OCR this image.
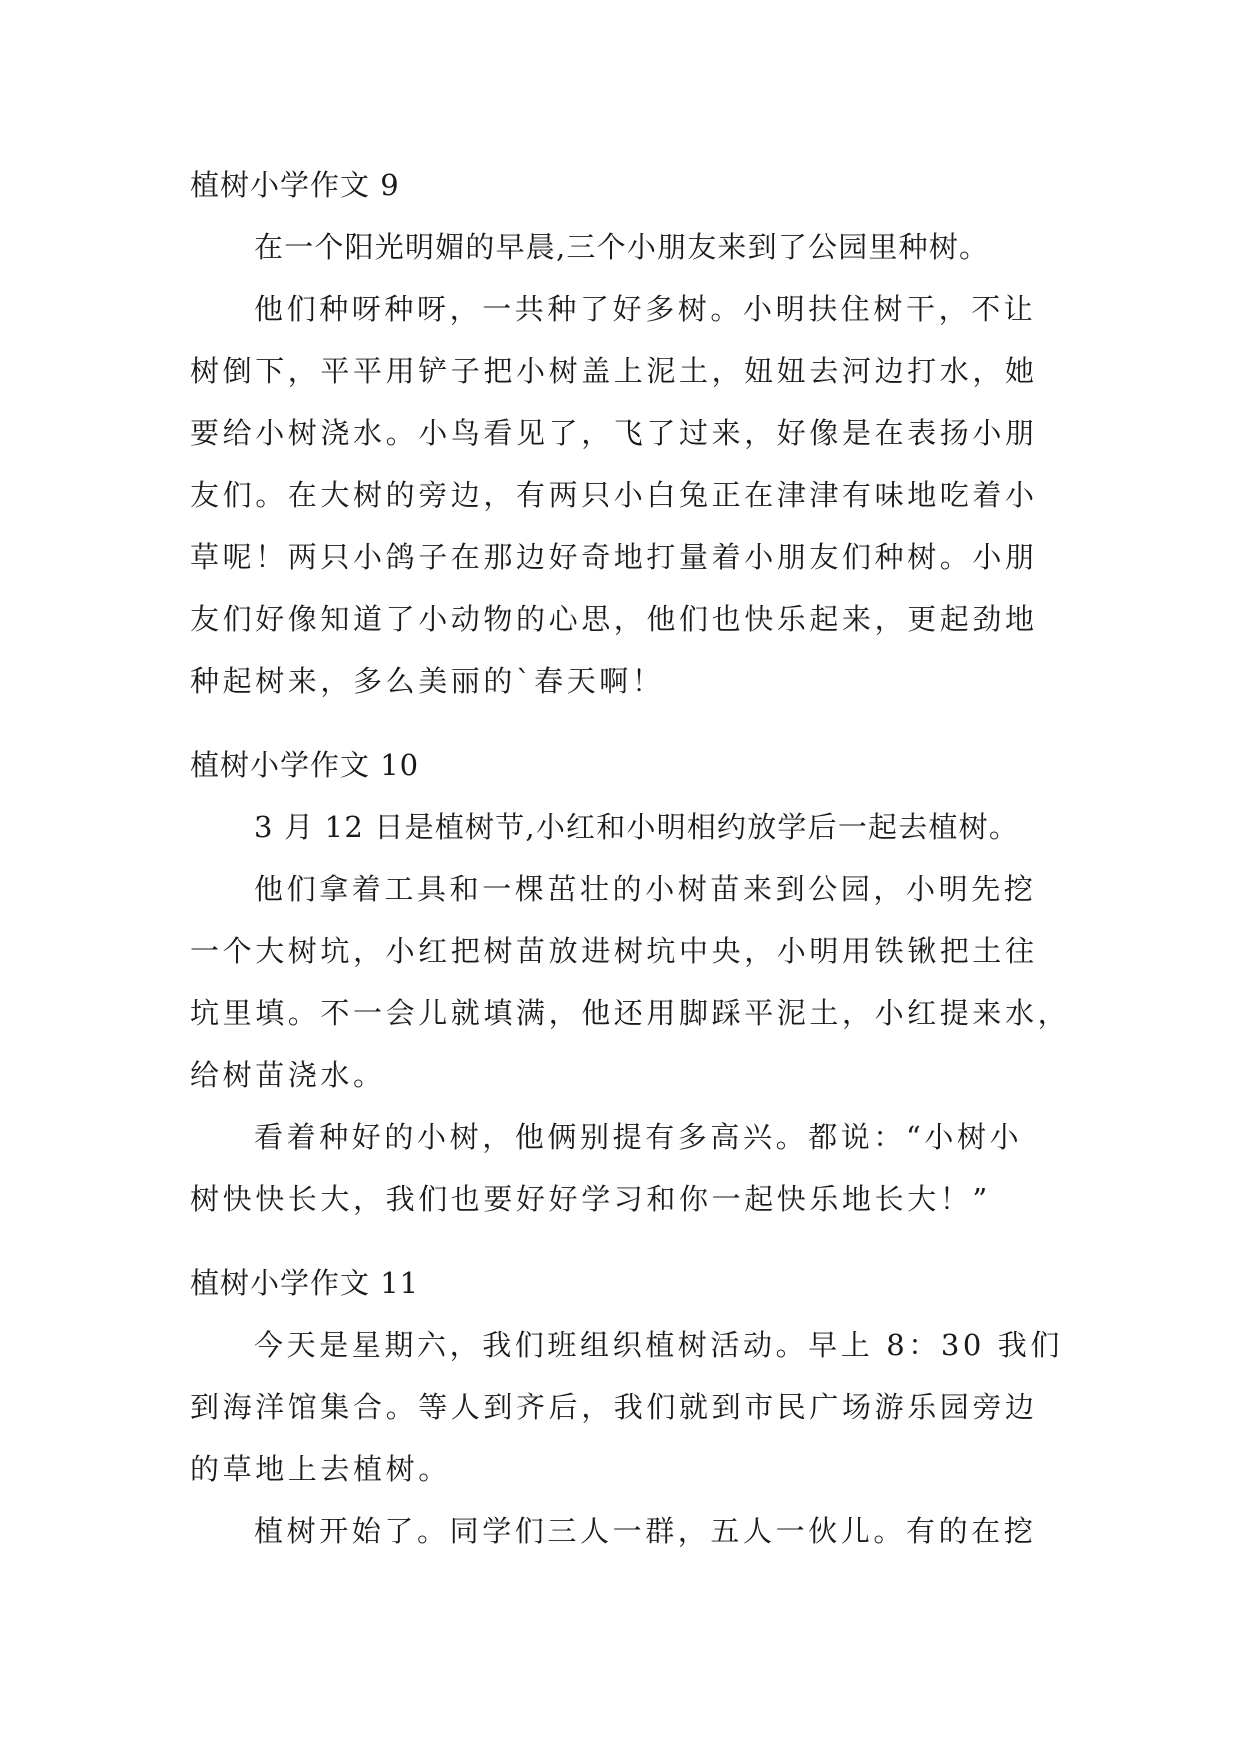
植树小学作文 9
在一个阳光明媚的早晨,三个小朋友来到了公园里种树。
他们种呀种呀，一共种了好多树。小明扶住树干，不让
树倒下，平平用铲子把小树盖上泥土，妞妞去河边打水，她
要给小树浇水。小鸟看见了，飞了过来，好像是在表扬小朋
友们。在大树的旁边，有两只小白兔正在津津有味地吃着小
草呢！两只小鸽子在那边好奇地打量着小朋友们种树。小朋
友们好像知道了小动物的心思，他们也快乐起来，更起劲地
种起树来，多么美丽的`春天啊！
植树小学作文 10
3 月 12 日是植树节,小红和小明相约放学后一起去植树。
他们拿着工具和一棵茁壮的小树苗来到公园，小明先挖
一个大树坑，小红把树苗放进树坑中央，小明用铁锹把土往
坑里填。不一会儿就填满，他还用脚踩平泥土，小红提来水，
给树苗浇水。
看着种好的小树，他俩别提有多高兴。都说：“小树小
树快快长大，我们也要好好学习和你一起快乐地长大！”
植树小学作文 11
今天是星期六，我们班组织植树活动。早上 8：30 我们
到海洋馆集合。等人到齐后，我们就到市民广场游乐园旁边
的草地上去植树。
植树开始了。同学们三人一群，五人一伙儿。有的在挖
